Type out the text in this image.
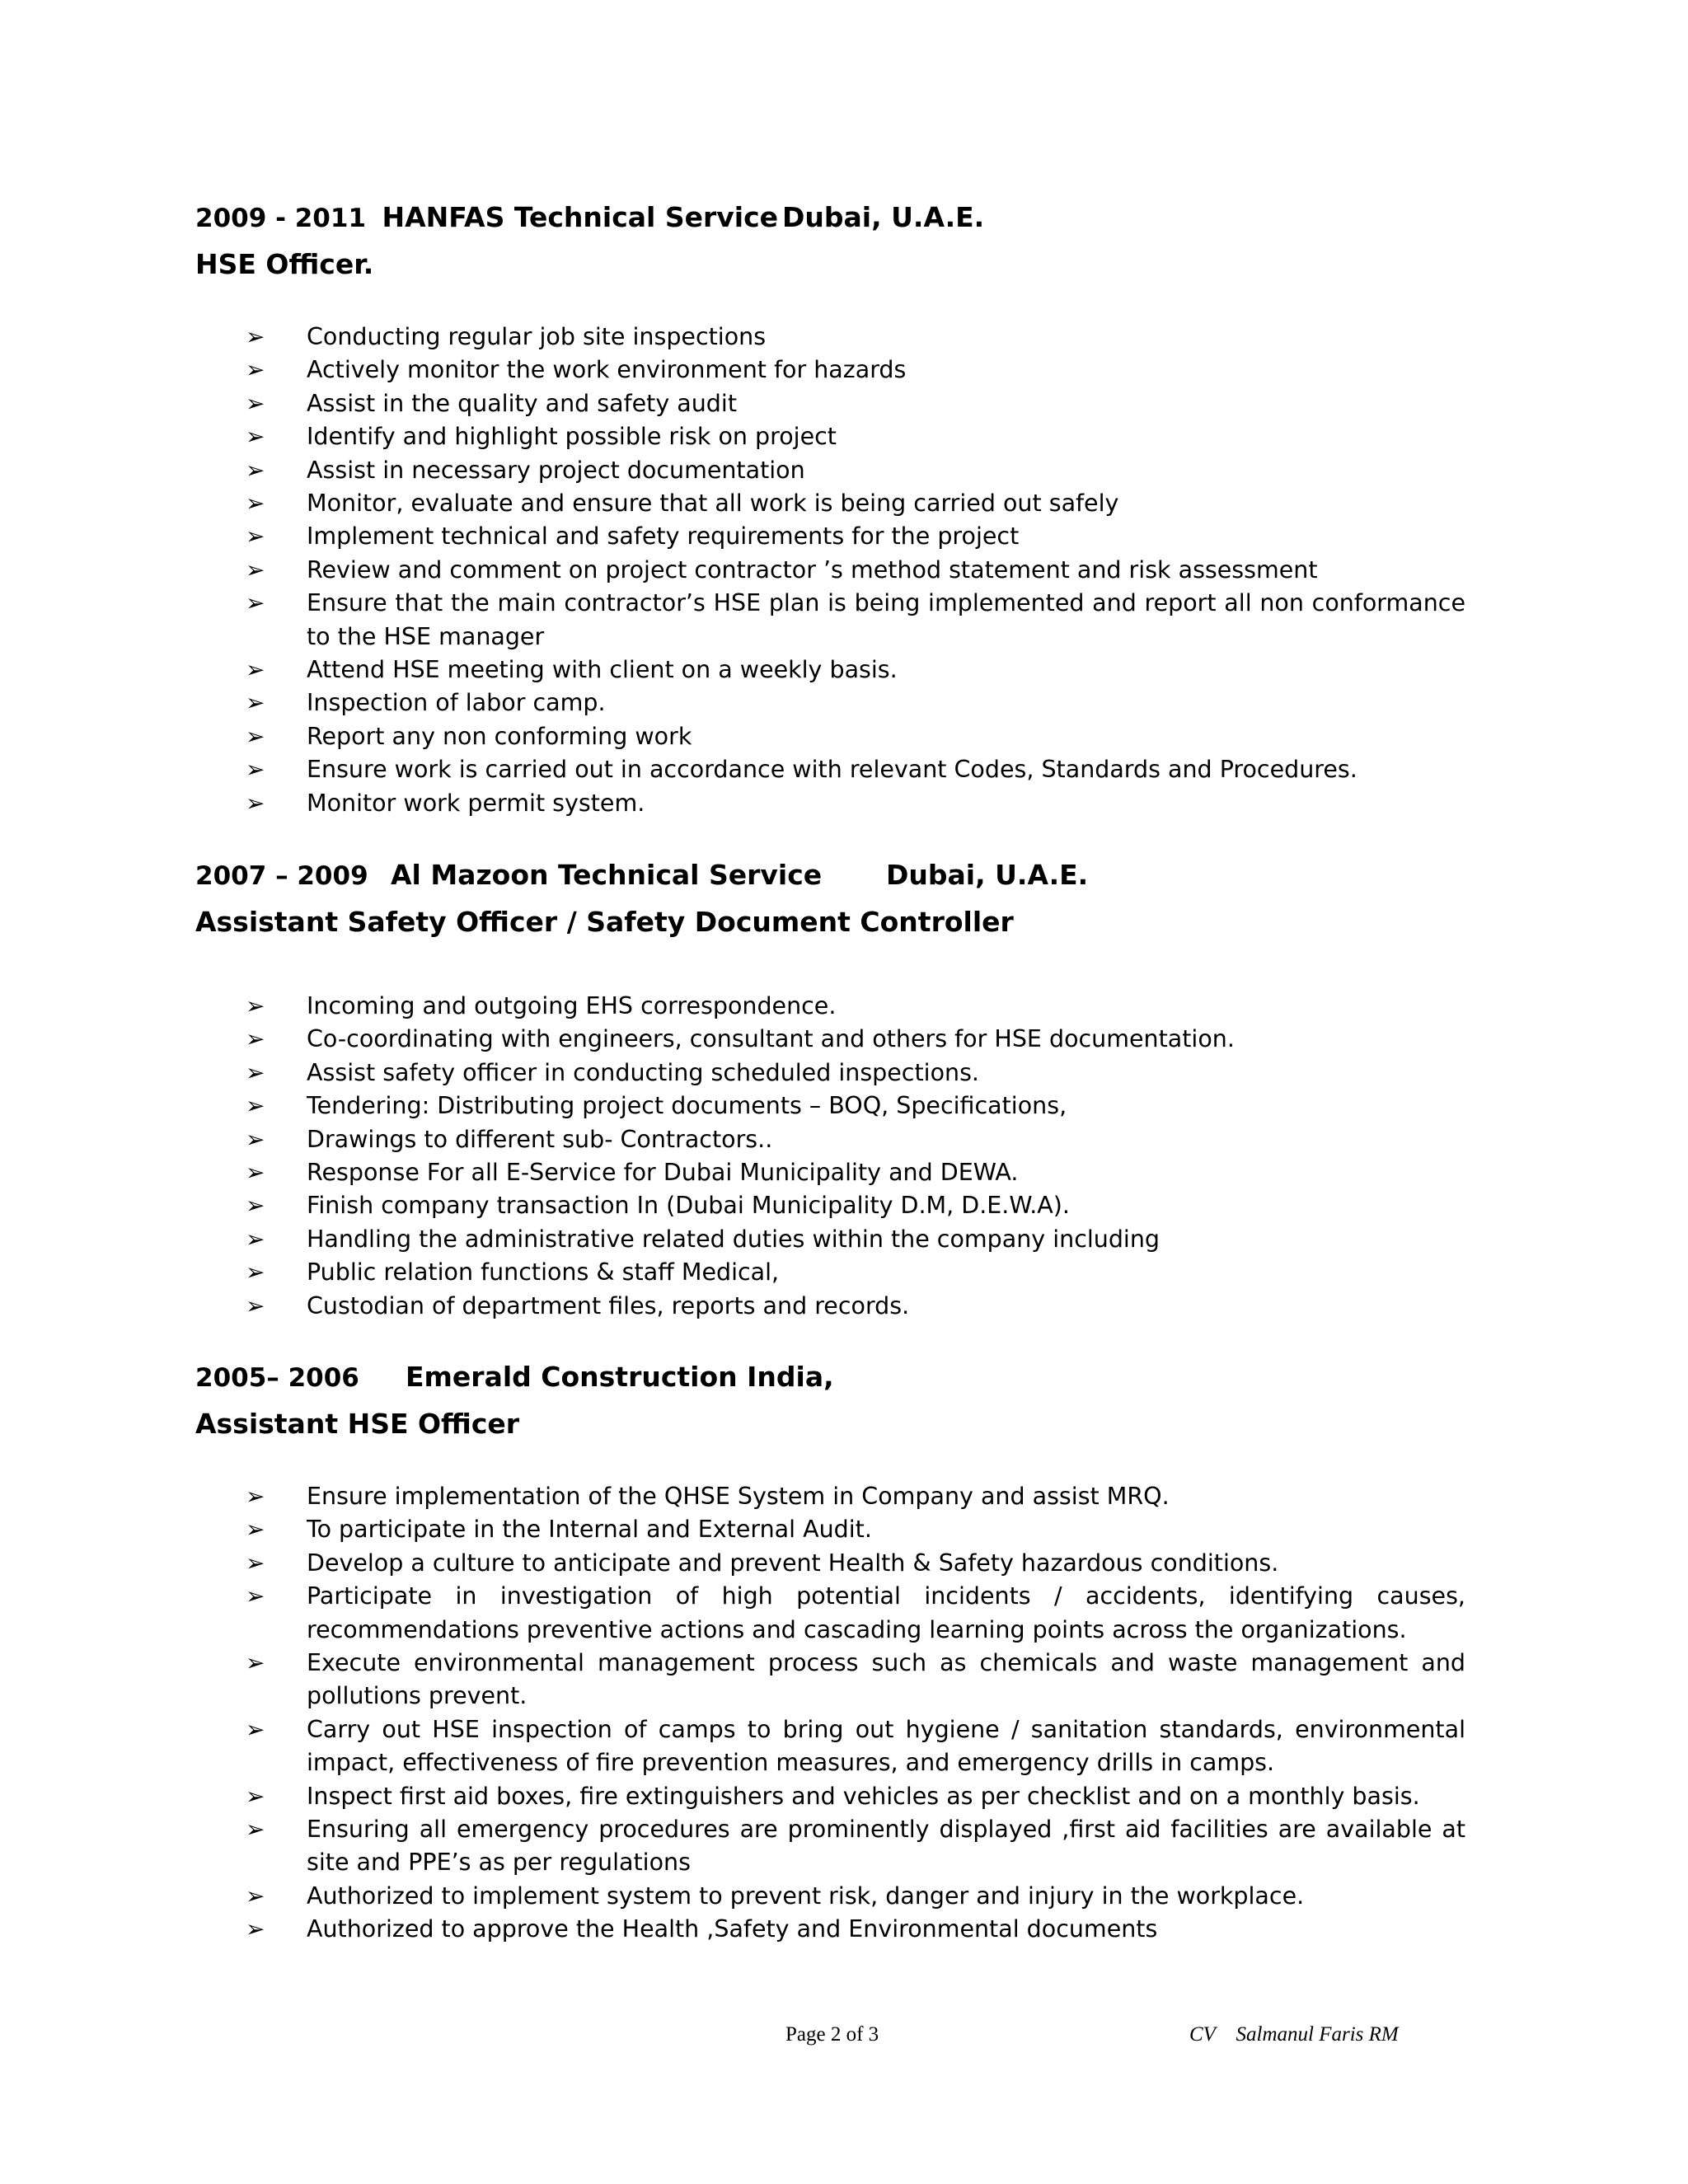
2009 - 2011 HANFAS Technical Service Dubai, U.A.E.
HSE Officer.
➢ Conducting regular job site inspections
➢ Actively monitor the work environment for hazards
➢ Assist in the quality and safety audit
➢ Identify and highlight possible risk on project
➢ Assist in necessary project documentation
➢ Monitor, evaluate and ensure that all work is being carried out safely
➢ Implement technical and safety requirements for the project
➢ Review and comment on project contractor ’s method statement and risk assessment
➢ Ensure that the main contractor’s HSE plan is being implemented and report all non conformance to the HSE manager
➢ Attend HSE meeting with client on a weekly basis.
➢ Inspection of labor camp.
➢ Report any non conforming work
➢ Ensure work is carried out in accordance with relevant Codes, Standards and Procedures.
➢ Monitor work permit system.
2007 – 2009 Al Mazoon Technical Service Dubai, U.A.E.
Assistant Safety Officer / Safety Document Controller
➢ Incoming and outgoing EHS correspondence.
➢ Co-coordinating with engineers, consultant and others for HSE documentation.
➢ Assist safety officer in conducting scheduled inspections.
➢ Tendering: Distributing project documents – BOQ, Specifications,
➢ Drawings to different sub- Contractors..
➢ Response For all E-Service for Dubai Municipality and DEWA.
➢ Finish company transaction In (Dubai Municipality D.M, D.E.W.A).
➢ Handling the administrative related duties within the company including
➢ Public relation functions & staff Medical,
➢ Custodian of department files, reports and records.
2005– 2006 Emerald Construction India,
Assistant HSE Officer
➢ Ensure implementation of the QHSE System in Company and assist MRQ.
➢ To participate in the Internal and External Audit.
➢ Develop a culture to anticipate and prevent Health & Safety hazardous conditions.
➢ Participate in investigation of high potential incidents / accidents, identifying causes, recommendations preventive actions and cascading learning points across the organizations.
➢ Execute environmental management process such as chemicals and waste management and pollutions prevent.
➢ Carry out HSE inspection of camps to bring out hygiene / sanitation standards, environmental impact, effectiveness of fire prevention measures, and emergency drills in camps.
➢ Inspect first aid boxes, fire extinguishers and vehicles as per checklist and on a monthly basis.
➢ Ensuring all emergency procedures are prominently displayed ,first aid facilities are available at site and PPE’s as per regulations
➢ Authorized to implement system to prevent risk, danger and injury in the workplace.
➢ Authorized to approve the Health ,Safety and Environmental documents
Page 2 of 3	CV    Salmanul Faris RM
